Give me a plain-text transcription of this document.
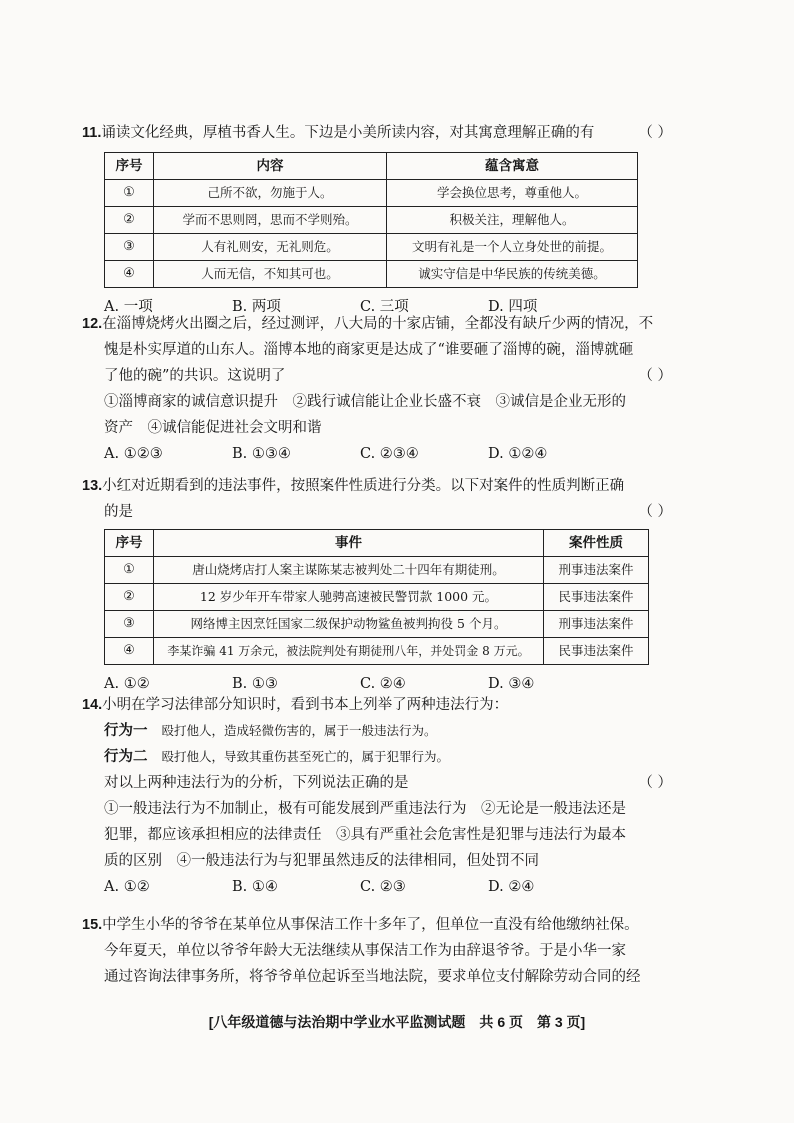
11.诵读文化经典，厚植书香人生。下边是小美所读内容，对其寓意理解正确的有	（ ）
序号	内容	蕴含寓意
①	己所不欲，勿施于人。	学会换位思考，尊重他人。
②	学而不思则罔，思而不学则殆。	积极关注，理解他人。
③	人有礼则安，无礼则危。	文明有礼是一个人立身处世的前提。
④	人而无信，不知其可也。	诚实守信是中华民族的传统美德。
A. 一项	B. 两项	C. 三项	D. 四项
12.在淄博烧烤火出圈之后，经过测评，八大局的十家店铺，全都没有缺斤少两的情况，不
愧是朴实厚道的山东人。淄博本地的商家更是达成了“谁要砸了淄博的碗，淄博就砸
了他的碗”的共识。这说明了	（ ）
①淄博商家的诚信意识提升　②践行诚信能让企业长盛不衰　③诚信是企业无形的
资产　④诚信能促进社会文明和谐
A. ①②③	B. ①③④	C. ②③④	D. ①②④
13.小红对近期看到的违法事件，按照案件性质进行分类。以下对案件的性质判断正确
的是	（ ）
序号	事件	案件性质
①	唐山烧烤店打人案主谋陈某志被判处二十四年有期徒刑。	刑事违法案件
②	12 岁少年开车带家人驰骋高速被民警罚款 1000 元。	民事违法案件
③	网络博主因烹饪国家二级保护动物鲨鱼被判拘役 5 个月。	刑事违法案件
④	李某诈骗 41 万余元，被法院判处有期徒刑八年，并处罚金 8 万元。	民事违法案件
A. ①②	B. ①③	C. ②④	D. ③④
14.小明在学习法律部分知识时，看到书本上列举了两种违法行为：
行为一 殴打他人，造成轻微伤害的，属于一般违法行为。
行为二 殴打他人，导致其重伤甚至死亡的，属于犯罪行为。
对以上两种违法行为的分析，下列说法正确的是	（ ）
①一般违法行为不加制止，极有可能发展到严重违法行为　②无论是一般违法还是
犯罪，都应该承担相应的法律责任　③具有严重社会危害性是犯罪与违法行为最本
质的区别　④一般违法行为与犯罪虽然违反的法律相同，但处罚不同
A. ①②	B. ①④	C. ②③	D. ②④
15.中学生小华的爷爷在某单位从事保洁工作十多年了，但单位一直没有给他缴纳社保。
今年夏天，单位以爷爷年龄大无法继续从事保洁工作为由辞退爷爷。于是小华一家
通过咨询法律事务所，将爷爷单位起诉至当地法院，要求单位支付解除劳动合同的经
[八年级道德与法治期中学业水平监测试题　共 6 页　第 3 页]
